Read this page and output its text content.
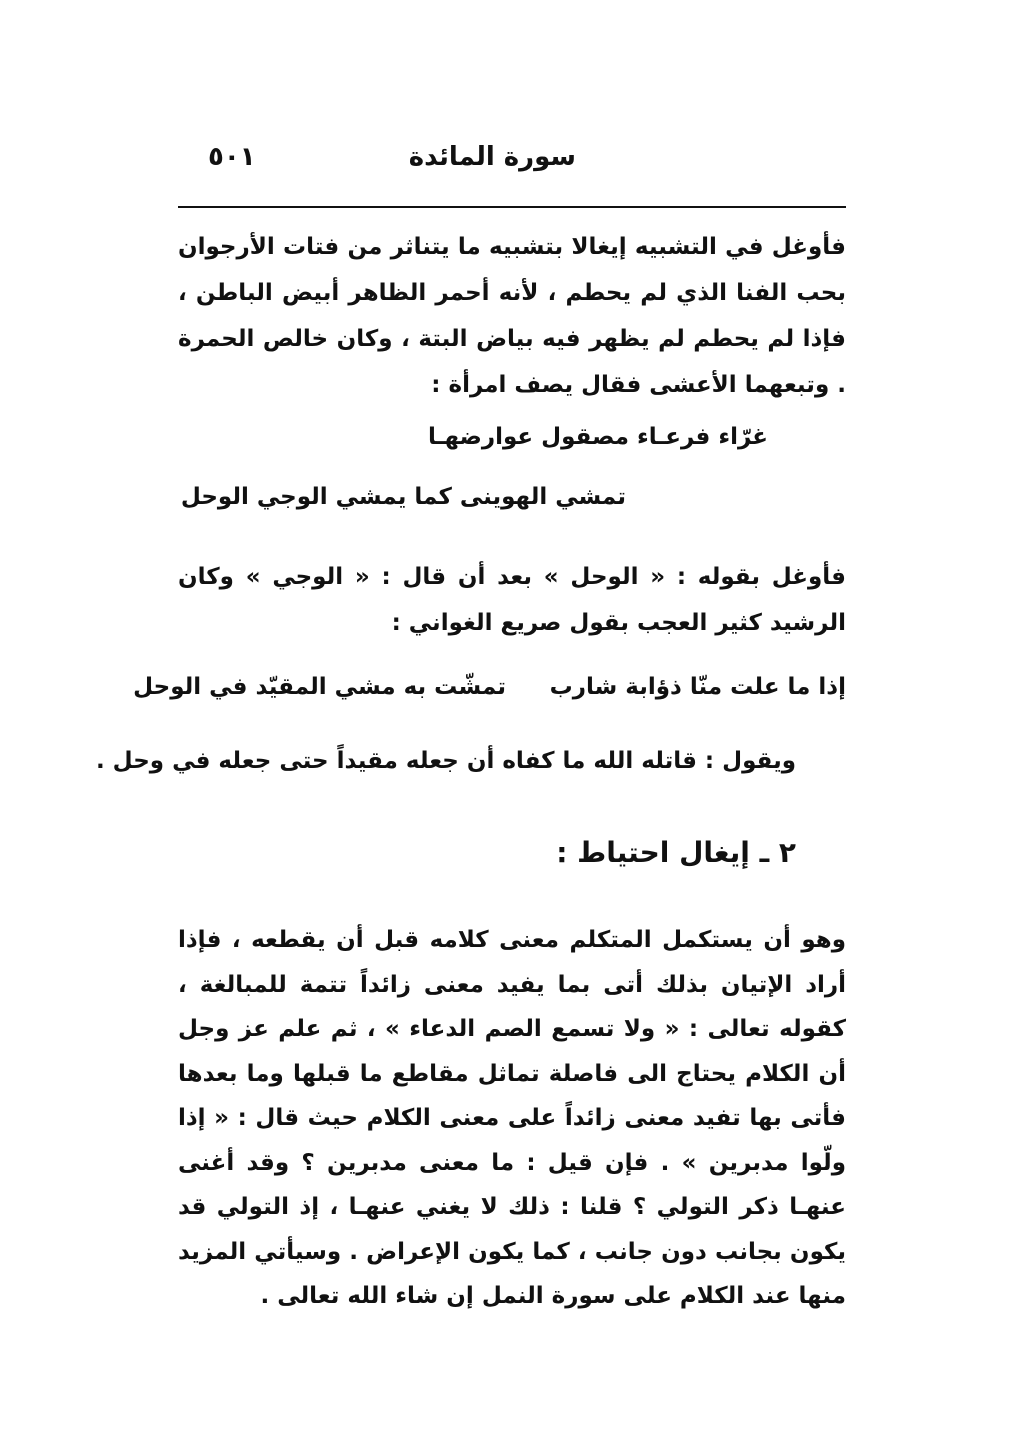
سورة المائدة
٥٠١

فأوغل في التشبيه إيغالا بتشبيه ما يتناثر من فتات الأرجوان بحب الفنا الذي لم يحطم ، لأنه أحمر الظاهر أبيض الباطن ، فإذا لم يحطم لم يظهر فيه بياض البتة ، وكان خالص الحمرة . وتبعهما الأعشى فقال يصف امرأة :

غرّاء فرعـاء مصقول عوارضهـا
تمشي الهوينى كما يمشي الوجي الوحل

فأوغل بقوله : « الوحل » بعد أن قال : « الوجي » وكان الرشيد كثير العجب بقول صريع الغواني :

إذا ما علت منّا ذؤابة شارب
تمشّت به مشي المقيّد في الوحل
ويقول : قاتله الله ما كفاه أن جعله مقيداً حتى جعله في وحل .
٢ ـ إيغال احتياط :

وهو أن يستكمل المتكلم معنى كلامه قبل أن يقطعه ، فإذا أراد الإتيان بذلك أتى بما يفيد معنى زائداً تتمة للمبالغة ، كقوله تعالى : « ولا تسمع الصم الدعاء » ، ثم علم عز وجل أن الكلام يحتاج الى فاصلة تماثل مقاطع ما قبلها وما بعدها فأتى بها تفيد معنى زائداً على معنى الكلام حيث قال : « إذا ولّوا مدبرين » . فإن قيل : ما معنى مدبرين ؟ وقد أغنى عنهـا ذكر التولي ؟ قلنا : ذلك لا يغني عنهـا ، إذ التولي قد يكون بجانب دون جانب ، كما يكون الإعراض . وسيأتي المزيد منها عند الكلام على سورة النمل إن شاء الله تعالى .
